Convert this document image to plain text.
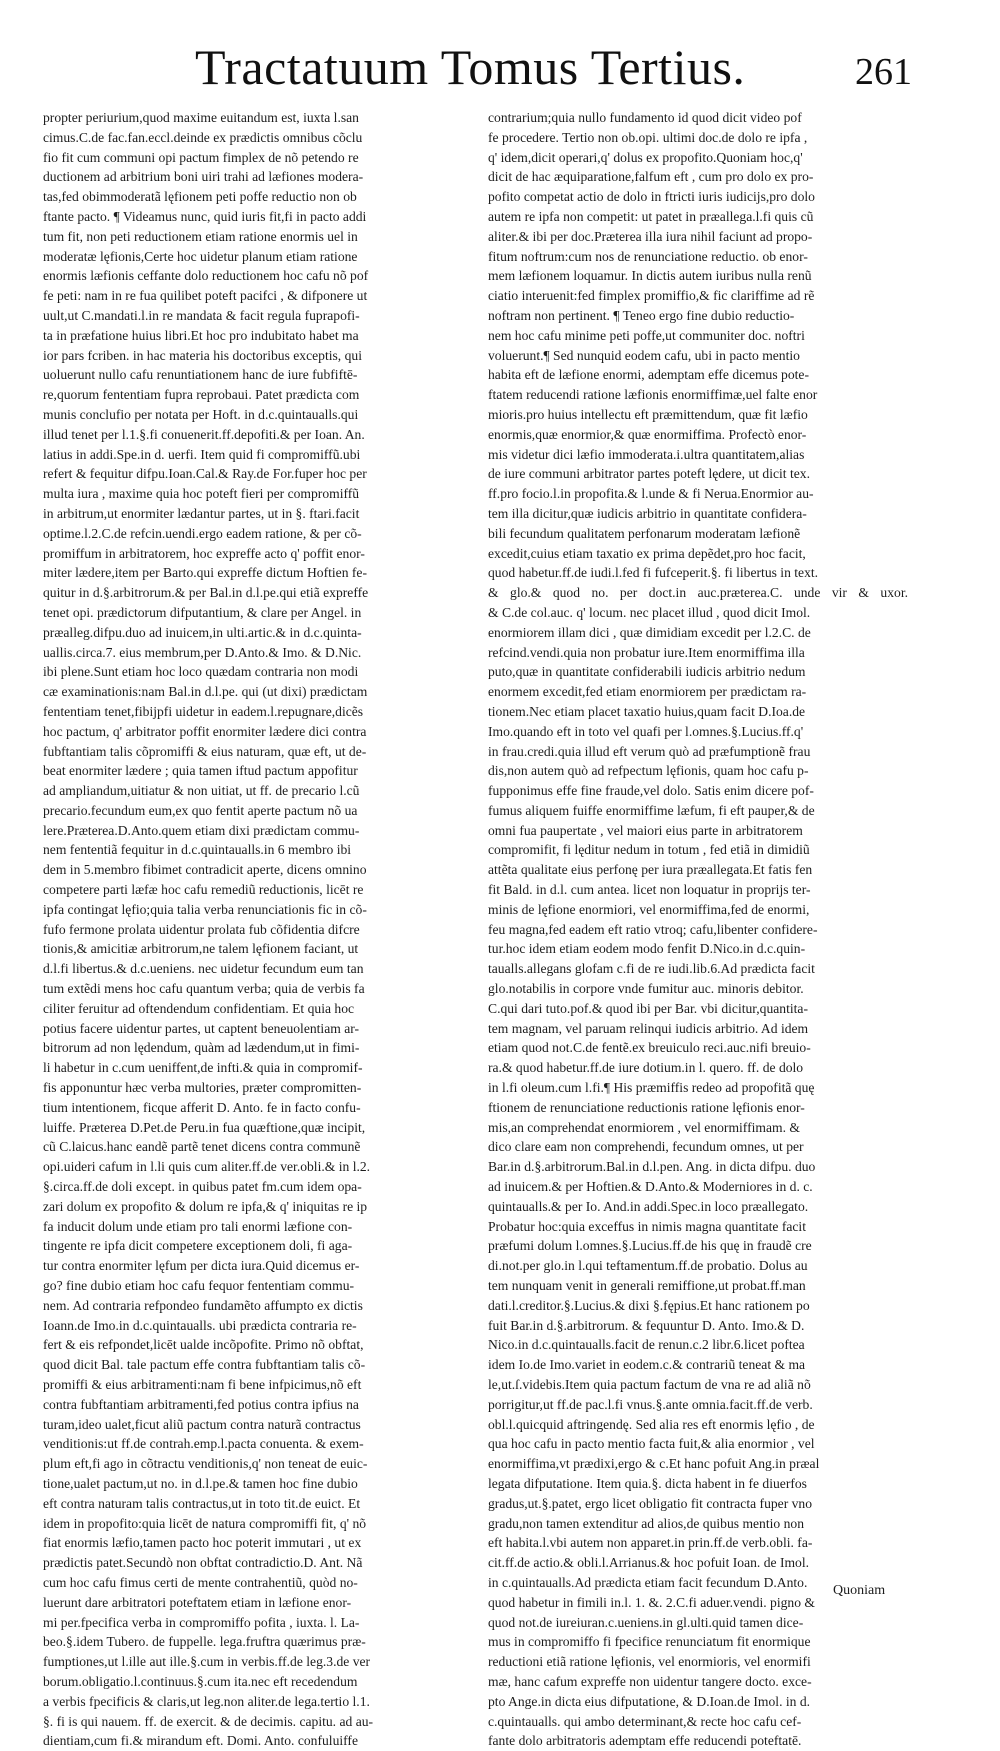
Tractatuum Tomus Tertius.	261
propter periurium,quod maxime euitandum est, iuxta l.san
cimus.C.de fac.fan.eccl.deinde ex prædictis omnibus cõclu
fio fit cum communi opi pactum fimplex de nõ petendo re
ductionem ad arbitrium boni uiri trahi ad læfiones modera-
tas,fed obimmoderatã lęfionem peti poffe reductio non ob
ftante pacto. ¶ Videamus nunc, quid iuris fit,fi in pacto addi
tum fit, non peti reductionem etiam ratione enormis uel in
moderatæ lęfionis,Certe hoc uidetur planum etiam ratione
enormis læfionis ceffante dolo reductionem hoc cafu nõ pof
fe peti: nam in re fua quilibet poteft pacifci , & difponere ut
uult,ut C.mandati.l.in re mandata & facit regula fuprapofi-
ta in præfatione huius libri.Et hoc pro indubitato habet ma
ior pars fcriben. in hac materia his doctoribus exceptis, qui
uoluerunt nullo cafu renuntiationem hanc de iure fubfiftē-
re,quorum fententiam fupra reprobaui. Patet prædicta com
munis conclufio per notata per Hoft. in d.c.quintaualls.qui
illud tenet per l.1.§.fi conuenerit.ff.depofiti.& per Ioan. An.
latius in addi.Spe.in d. uerfi. Item quid fi compromiffũ.ubi
refert & fequitur difpu.Ioan.Cal.& Ray.de For.fuper hoc per
multa iura , maxime quia hoc poteft fieri per compromiffũ
in arbitrum,ut enormiter lædantur partes, ut in §. ftari.facit
optime.l.2.C.de refcin.uendi.ergo eadem ratione, & per cõ-
promiffum in arbitratorem, hoc expreffe acto q' poffit enor-
miter lædere,item per Barto.qui expreffe dictum Hoftien fe-
quitur in d.§.arbitrorum.& per Bal.in d.l.pe.qui etiã expreffe
tenet opi. prædictorum difputantium, & clare per Angel. in
præalleg.difpu.duo ad inuicem,in ulti.artic.& in d.c.quinta-
uallis.circa.7. eius membrum,per D.Anto.& Imo. & D.Nic.
ibi plene.Sunt etiam hoc loco quædam contraria non modi
cæ examinationis:nam Bal.in d.l.pe. qui (ut dixi) prædictam
fententiam tenet,fibijpfi uidetur in eadem.l.repugnare,dicẽs
hoc pactum, q' arbitrator poffit enormiter lædere dici contra
fubftantiam talis cõpromiffi & eius naturam, quæ eft, ut de-
beat enormiter lædere ; quia tamen iftud pactum appofitur
ad ampliandum,uitiatur & non uitiat, ut ff. de precario l.cũ
precario.fecundum eum,ex quo fentit aperte pactum nõ ua
lere.Præterea.D.Anto.quem etiam dixi prædictam commu-
nem fententiã fequitur in d.c.quintaualls.in 6 membro ibi
dem in 5.membro fibimet contradicit aperte, dicens omnino
competere parti læfæ hoc cafu remediũ reductionis, licēt re
ipfa contingat lęfio;quia talia verba renunciationis fic in cõ-
fufo fermone prolata uidentur prolata fub cõfidentia difcre
tionis,& amicitiæ arbitrorum,ne talem lęfionem faciant, ut
d.l.fi libertus.& d.c.ueniens. nec uidetur fecundum eum tan
tum extẽdi mens hoc cafu quantum verba; quia de verbis fa
ciliter feruitur ad oftendendum confidentiam. Et quia hoc
potius facere uidentur partes, ut captent beneuolentiam ar-
bitrorum ad non lędendum, quàm ad lædendum,ut in fimi-
li habetur in c.cum ueniffent,de infti.& quia in compromif-
fis apponuntur hæc verba multories, præter compromitten-
tium intentionem, ficque afferit D. Anto. fe in facto confu-
luiffe. Præterea D.Pet.de Peru.in fua quæftione,quæ incipit,
cũ C.laicus.hanc eandẽ partẽ tenet dicens contra communẽ
opi.uideri cafum in l.li quis cum aliter.ff.de ver.obli.& in l.2.
§.circa.ff.de doli except. in quibus patet fm.cum idem opa-
zari dolum ex propofito & dolum re ipfa,& q' iniquitas re ip
fa inducit dolum unde etiam pro tali enormi læfione con-
tingente re ipfa dicit competere exceptionem doli, fi aga-
tur contra enormiter lęfum per dicta iura.Quid dicemus er-
go? fine dubio etiam hoc cafu fequor fententiam commu-
nem. Ad contraria refpondeo fundamẽto affumpto ex dictis
Ioann.de Imo.in d.c.quintaualls. ubi prædicta contraria re-
fert & eis refpondet,licēt ualde incõpofite. Primo nõ obftat,
quod dicit Bal. tale pactum effe contra fubftantiam talis cõ-
promiffi & eius arbitramenti:nam fi bene infpicimus,nõ eft
contra fubftantiam arbitramenti,fed potius contra ipfius na
turam,ideo ualet,ficut aliũ pactum contra naturã contractus
venditionis:ut ff.de contrah.emp.l.pacta conuenta. & exem-
plum eft,fi ago in cõtractu venditionis,q' non teneat de euic-
tione,ualet pactum,ut no. in d.l.pe.& tamen hoc fine dubio
eft contra naturam talis contractus,ut in toto tit.de euict. Et
idem in propofito:quia licēt de natura compromiffi fit, q' nõ
fiat enormis læfio,tamen pacto hoc poterit immutari , ut ex
prædictis patet.Secundò non obftat contradictio.D. Ant. Nã
cum hoc cafu fimus certi de mente contrahentiũ, quòd no-
luerunt dare arbitratori poteftatem etiam in læfione enor-
mi per.fpecifica verba in compromiffo pofita , iuxta. l. La-
beo.§.idem Tubero. de fuppelle. lega.fruftra quærimus præ-
fumptiones,ut l.ille aut ille.§.cum in verbis.ff.de leg.3.de ver
borum.obligatio.l.continuus.§.cum ita.nec eft recedendum
a verbis fpecificis & claris,ut leg.non aliter.de lega.tertio l.1.
§. fi is qui nauem. ff. de exercit. & de decimis. capitu. ad au-
dientiam,cum fi.& mirandum eft. Domi. Anto. confuluiffe
contrarium;quia nullo fundamento id quod dicit video pof
fe procedere. Tertio non ob.opi. ultimi doc.de dolo re ipfa ,
q' idem,dicit operari,q' dolus ex propofito.Quoniam hoc,q'
dicit de hac æquiparatione,falfum eft , cum pro dolo ex pro-
pofito competat actio de dolo in ftricti iuris iudicijs,pro dolo
autem re ipfa non competit: ut patet in præallega.l.fi quis cũ
aliter.& ibi per doc.Præterea illa iura nihil faciunt ad propo-
fitum noftrum:cum nos de renunciatione reductio. ob enor-
mem læfionem loquamur. In dictis autem iuribus nulla renũ
ciatio interuenit:fed fimplex promiffio,& fic clariffime ad rẽ
noftram non pertinent. ¶ Teneo ergo fine dubio reductio-
nem hoc cafu minime peti poffe,ut communiter doc. noftri
voluerunt.¶ Sed nunquid eodem cafu, ubi in pacto mentio
habita eft de læfione enormi, ademptam effe dicemus pote-
ftatem reducendi ratione læfionis enormiffimæ,uel falte enor
mioris.pro huius intellectu eft præmittendum, quæ fit læfio
enormis,quæ enormior,& quæ enormiffima. Profectò enor-
mis videtur dici læfio immoderata.i.ultra quantitatem,alias
de iure communi arbitrator partes poteft lędere, ut dicit tex.
ff.pro focio.l.in propofita.& l.unde & fi Nerua.Enormior au-
tem illa dicitur,quæ iudicis arbitrio in quantitate confidera-
bili fecundum qualitatem perfonarum moderatam læfionẽ
excedit,cuius etiam taxatio ex prima depẽdet,pro hoc facit,
quod habetur.ff.de iudi.l.fed fi fufceperit.§. fi libertus in text.
& glo.& quod no. per doct.in auc.præterea.C. unde vir & uxor.
& C.de col.auc. q' locum. nec placet illud , quod dicit Imol.
enormiorem illam dici , quæ dimidiam excedit per l.2.C. de
refcind.vendi.quia non probatur iure.Item enormiffima illa
puto,quæ in quantitate confiderabili iudicis arbitrio nedum
enormem excedit,fed etiam enormiorem per prædictam ra-
tionem.Nec etiam placet taxatio huius,quam facit D.Ioa.de
Imo.quando eft in toto vel quafi per l.omnes.§.Lucius.ff.q'
in frau.credi.quia illud eft verum quò ad præfumptionẽ frau
dis,non autem quò ad refpectum lęfionis, quam hoc cafu p-
fupponimus effe fine fraude,vel dolo. Satis enim dicere pof-
fumus aliquem fuiffe enormiffime læfum, fi eft pauper,& de
omni fua paupertate , vel maiori eius parte in arbitratorem
compromifit, fi lęditur nedum in totum , fed etiã in dimidiũ
attẽta qualitate eius perfonę per iura præallegata.Et fatis fen
fit Bald. in d.l. cum antea. licet non loquatur in proprijs ter-
minis de lęfione enormiori, vel enormiffima,fed de enormi,
feu magna,fed eadem eft ratio vtroq; cafu,libenter confidere-
tur.hoc idem etiam eodem modo fenfit D.Nico.in d.c.quin-
taualls.allegans glofam c.fi de re iudi.lib.6.Ad prædicta facit
glo.notabilis in corpore vnde fumitur auc. minoris debitor.
C.qui dari tuto.pof.& quod ibi per Bar. vbi dicitur,quantita-
tem magnam, vel paruam relinqui iudicis arbitrio. Ad idem
etiam quod not.C.de fentẽ.ex breuiculo reci.auc.nifi breuio-
ra.& quod habetur.ff.de iure dotium.in l. quero. ff. de dolo
in l.fi oleum.cum l.fi.¶ His præmiffis redeo ad propofitã quę
ftionem de renunciatione reductionis ratione lęfionis enor-
mis,an comprehendat enormiorem , vel enormiffimam. &
dico clare eam non comprehendi, fecundum omnes, ut per
Bar.in d.§.arbitrorum.Bal.in d.l.pen. Ang. in dicta difpu. duo
ad inuicem.& per Hoftien.& D.Anto.& Moderniores in d. c.
quintaualls.& per Io. And.in addi.Spec.in loco præallegato.
Probatur hoc:quia exceffus in nimis magna quantitate facit
præfumi dolum l.omnes.§.Lucius.ff.de his quę in fraudẽ cre
di.not.per glo.in l.qui teftamentum.ff.de probatio. Dolus au
tem nunquam venit in generali remiffione,ut probat.ff.man
dati.l.creditor.§.Lucius.& dixi §.fępius.Et hanc rationem po
fuit Bar.in d.§.arbitrorum. & fequuntur D. Anto. Imo.& D.
Nico.in d.c.quintaualls.facit de renun.c.2 libr.6.licet poftea
idem Io.de Imo.variet in eodem.c.& contrariũ teneat & ma
le,ut.ſ.videbis.Item quia pactum factum de vna re ad aliã nõ
porrigitur,ut ff.de pac.l.fi vnus.§.ante omnia.facit.ff.de verb.
obl.l.quicquid aftringendę. Sed alia res eft enormis lęfio , de
qua hoc cafu in pacto mentio facta fuit,& alia enormior , vel
enormiffima,vt prædixi,ergo & c.Et hanc pofuit Ang.in præal
legata difputatione. Item quia.§. dicta habent in fe diuerfos
gradus,ut.§.patet, ergo licet obligatio fit contracta fuper vno
gradu,non tamen extenditur ad alios,de quibus mentio non
eft habita.l.vbi autem non apparet.in prin.ff.de verb.obli. fa-
cit.ff.de actio.& obli.l.Arrianus.& hoc pofuit Ioan. de Imol.
in c.quintaualls.Ad prædicta etiam facit fecundum D.Anto.
quod habetur in fimili in.l. 1. &. 2.C.fi aduer.vendi. pigno &
quod not.de iureiuran.c.ueniens.in gl.ulti.quid tamen dice-
mus in compromiffo fi fpecifice renunciatum fit enormique
reductioni etiã ratione lęfionis, vel enormioris, vel enormifi
mæ, hanc cafum expreffe non uidentur tangere docto. exce-
pto Ange.in dicta eius difputatione, & D.Ioan.de Imol. in d.
c.quintaualls. qui ambo determinant,& recte hoc cafu cef-
fante dolo arbitratoris ademptam effe reducendi poteftatē.
Quoniam
